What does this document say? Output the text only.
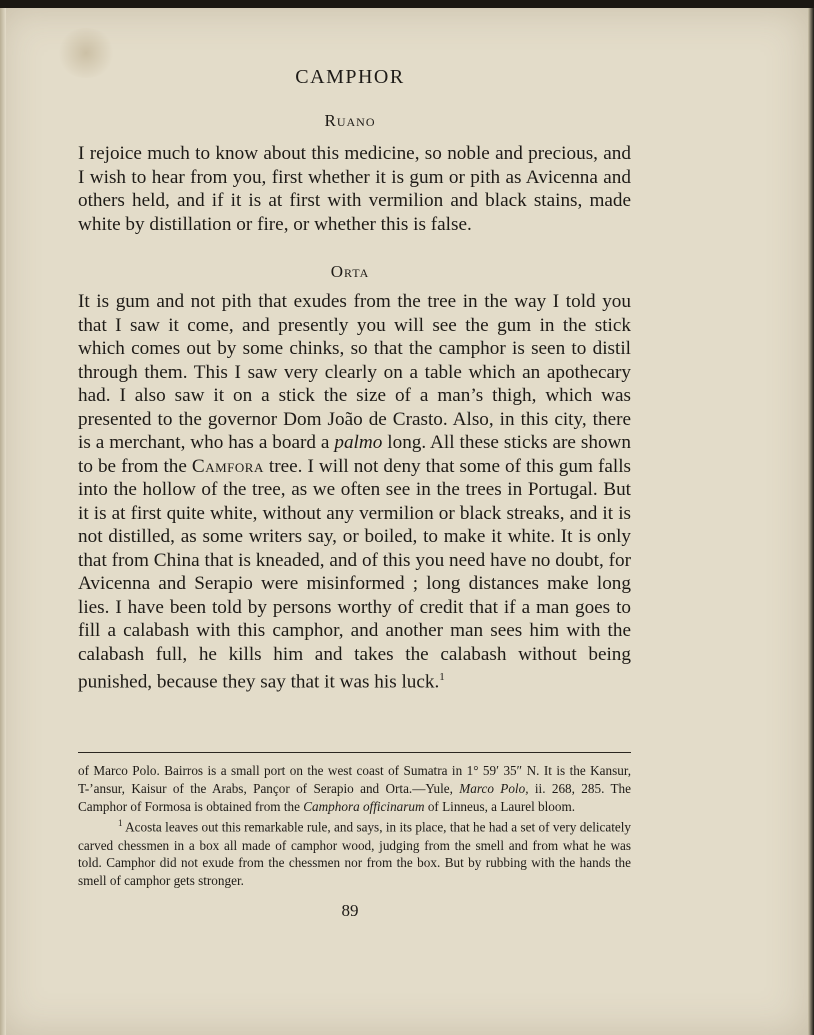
CAMPHOR
Ruano

I rejoice much to know about this medicine, so noble and precious, and I wish to hear from you, first whether it is gum or pith as Avicenna and others held, and if it is at first with vermilion and black stains, made white by distillation or fire, or whether this is false.

Orta

It is gum and not pith that exudes from the tree in the way I told you that I saw it come, and presently you will see the gum in the stick which comes out by some chinks, so that the camphor is seen to distil through them. This I saw very clearly on a table which an apothecary had. I also saw it on a stick the size of a man’s thigh, which was presented to the governor Dom João de Crasto. Also, in this city, there is a merchant, who has a board a palmo long. All these sticks are shown to be from the Camfora tree. I will not deny that some of this gum falls into the hollow of the tree, as we often see in the trees in Portugal. But it is at first quite white, without any vermilion or black streaks, and it is not distilled, as some writers say, or boiled, to make it white. It is only that from China that is kneaded, and of this you need have no doubt, for Avicenna and Serapio were misinformed ; long distances make long lies. I have been told by persons worthy of credit that if a man goes to fill a calabash with this camphor, and another man sees him with the calabash full, he kills him and takes the calabash without being punished, because they say that it was his luck.$^1$

of Marco Polo. Bairros is a small port on the west coast of Sumatra in 1° 59′ 35″ N. It is the Kansur, T-’ansur, Kaisur of the Arabs, Pançor of Serapio and Orta.—Yule, Marco Polo, ii. 268, 285. The Camphor of Formosa is obtained from the Camphora officinarum of Linneus, a Laurel bloom.

$^1$ Acosta leaves out this remarkable rule, and says, in its place, that he had a set of very delicately carved chessmen in a box all made of camphor wood, judging from the smell and from what he was told. Camphor did not exude from the chessmen nor from the box. But by rubbing with the hands the smell of camphor gets stronger.

89
